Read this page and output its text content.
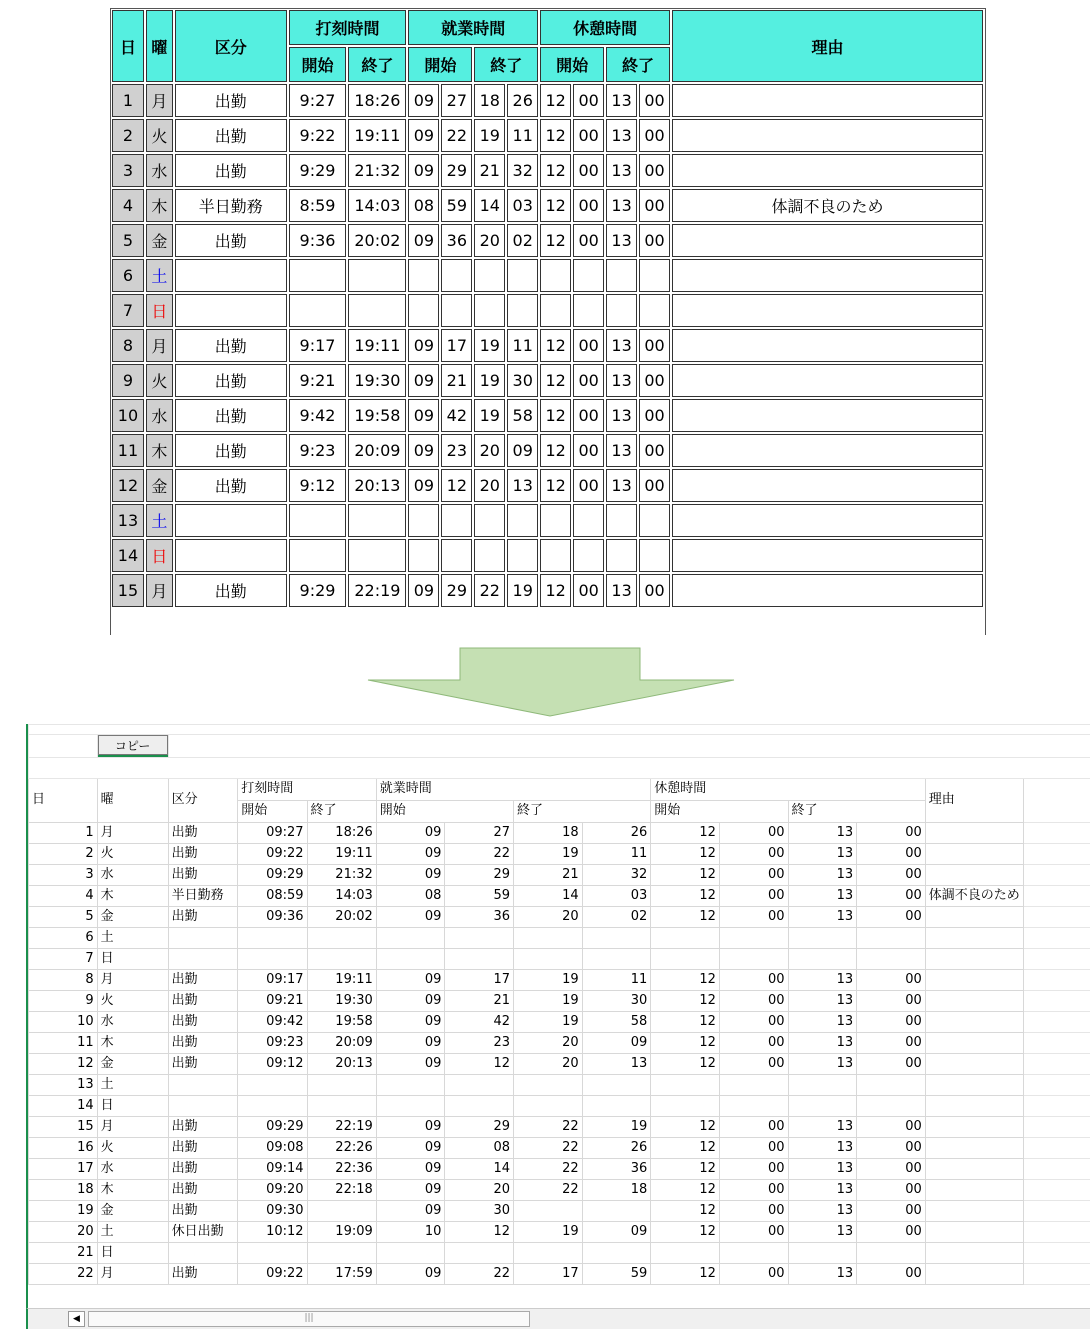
日	曜	区分	打刻時間		就業時間				休憩時間				理由
			開始	終了	開始		終了		開始		終了		
1	月	出勤	9:27	18:26	09	27	18	26	12	00	13	00	
2	火	出勤	9:22	19:11	09	22	19	11	12	00	13	00	
3	水	出勤	9:29	21:32	09	29	21	32	12	00	13	00	
4	木	半日勤務	8:59	14:03	08	59	14	03	12	00	13	00	体調不良のため
5	金	出勤	9:36	20:02	09	36	20	02	12	00	13	00	
6	土												
7	日												
8	月	出勤	9:17	19:11	09	17	19	11	12	00	13	00	
9	火	出勤	9:21	19:30	09	21	19	30	12	00	13	00	
10	水	出勤	9:42	19:58	09	42	19	58	12	00	13	00	
11	木	出勤	9:23	20:09	09	23	20	09	12	00	13	00	
12	金	出勤	9:12	20:13	09	12	20	13	12	00	13	00	
13	土												
14	日												
15	月	出勤	9:29	22:19	09	29	22	19	12	00	13	00	

	コピー													

日	曜	区分	打刻時間		就業時間				休憩時間				理由	
			開始	終了	開始		終了		開始		終了			
1	月	出勤	09:27	18:26	09	27	18	26	12	00	13	00		
2	火	出勤	09:22	19:11	09	22	19	11	12	00	13	00		
3	水	出勤	09:29	21:32	09	29	21	32	12	00	13	00		
4	木	半日勤務	08:59	14:03	08	59	14	03	12	00	13	00	体調不良のため	
5	金	出勤	09:36	20:02	09	36	20	02	12	00	13	00		
6	土													
7	日													
8	月	出勤	09:17	19:11	09	17	19	11	12	00	13	00		
9	火	出勤	09:21	19:30	09	21	19	30	12	00	13	00		
10	水	出勤	09:42	19:58	09	42	19	58	12	00	13	00		
11	木	出勤	09:23	20:09	09	23	20	09	12	00	13	00		
12	金	出勤	09:12	20:13	09	12	20	13	12	00	13	00		
13	土													
14	日													
15	月	出勤	09:29	22:19	09	29	22	19	12	00	13	00		
16	火	出勤	09:08	22:26	09	08	22	26	12	00	13	00		
17	水	出勤	09:14	22:36	09	14	22	36	12	00	13	00		
18	木	出勤	09:20	22:18	09	20	22	18	12	00	13	00		
19	金	出勤	09:30		09	30			12	00	13	00		
20	土	休日出勤	10:12	19:09	10	12	19	09	12	00	13	00		
21	日													
22	月	出勤	09:22	17:59	09	22	17	59	12	00	13	00		
◀	|||
